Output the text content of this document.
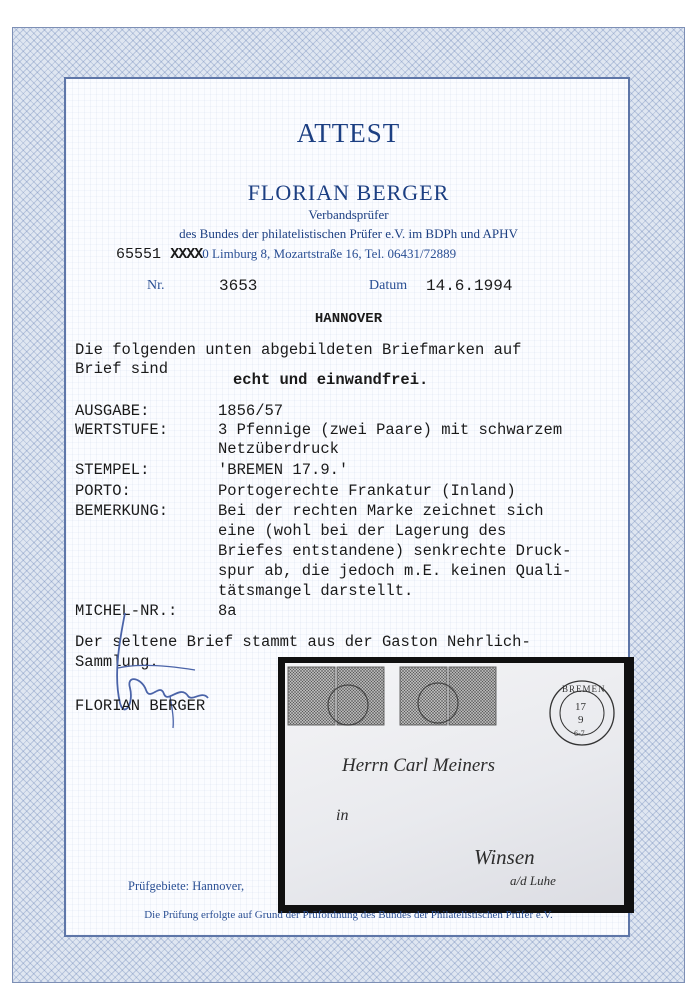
ATTEST
FLORIAN BERGER
Verbandsprüfer
des Bundes der philatelistischen Prüfer e.V. im BDPh und APHV
65551 XXXX0 Limburg 8, Mozartstraße 16, Tel. 06431/72889
Nr.	3653	Datum 14.6.1994
HANNOVER
Die folgenden unten abgebildeten Briefmarken auf
Brief sind
echt und einwandfrei.
AUSGABE:	1856/57
WERTSTUFE:	3 Pfennige (zwei Paare) mit schwarzem
Netzüberdruck
STEMPEL:	'BREMEN 17.9.'
PORTO:	Portogerechte Frankatur (Inland)
BEMERKUNG:	Bei der rechten Marke zeichnet sich
eine (wohl bei der Lagerung des
Briefes entstandene) senkrechte Druck-
spur ab, die jedoch m.E. keinen Quali-
tätsmangel darstellt.
MICHEL-NR.:	8a
Der seltene Brief stammt aus der Gaston Nehrlich-
Sammlung.
FLORIAN BERGER
BREMEN
17
9
6-7
Herrn Carl Meiners
in
Winsen
a/d Luhe
Prüfgebiete: Hannover,
Die Prüfung erfolgte auf Grund der Prüfordnung des Bundes der Philatelistischen Prüfer e.V.
